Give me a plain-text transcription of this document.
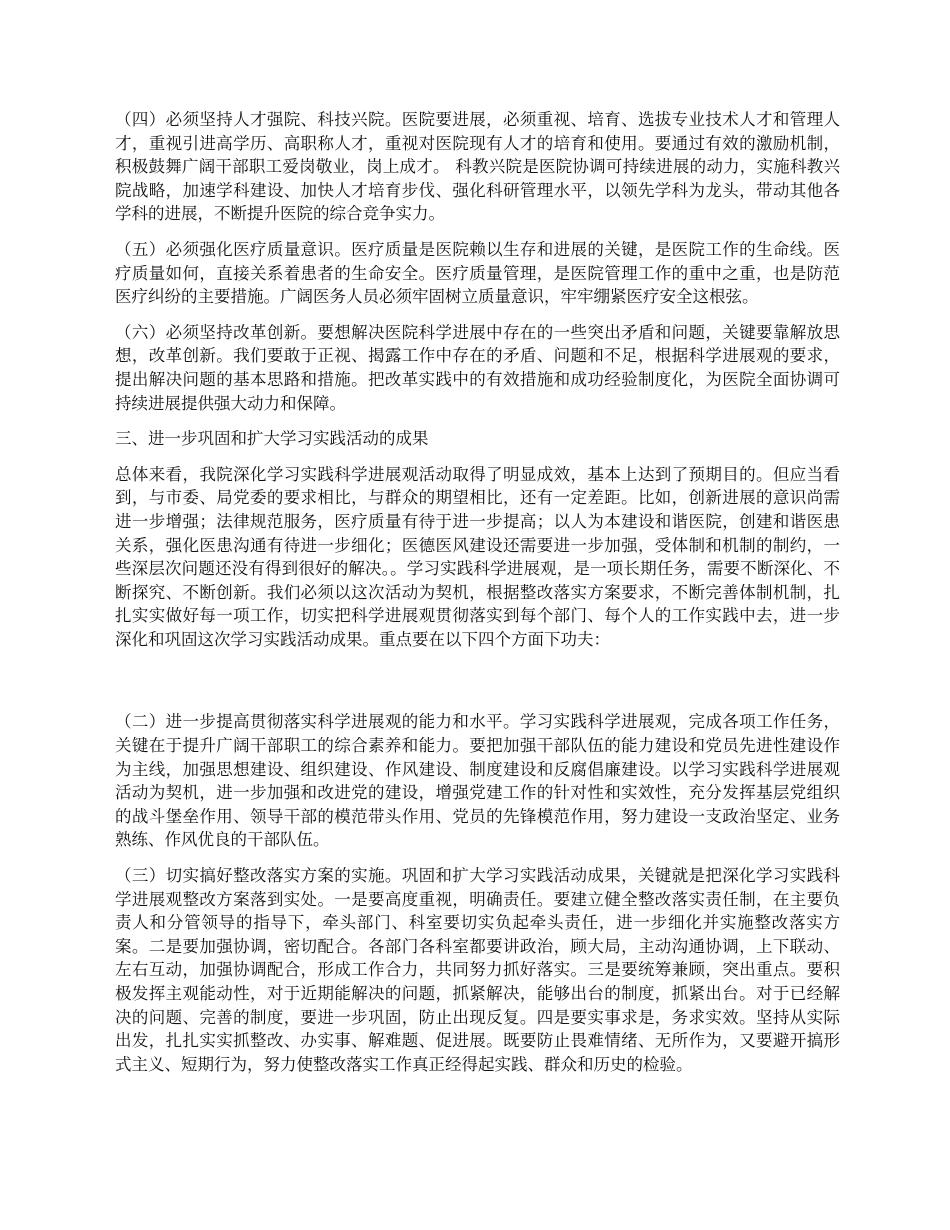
（四）必须坚持人才强院、科技兴院。医院要进展，必须重视、培育、选拔专业技术人才和管理人才，重视引进高学历、高职称人才，重视对医院现有人才的培育和使用。要通过有效的激励机制，积极鼓舞广阔干部职工爱岗敬业，岗上成才。 科教兴院是医院协调可持续进展的动力，实施科教兴院战略，加速学科建设、加快人才培育步伐、强化科研管理水平，以领先学科为龙头，带动其他各学科的进展，不断提升医院的综合竞争实力。

（五）必须强化医疗质量意识。医疗质量是医院赖以生存和进展的关键，是医院工作的生命线。医疗质量如何，直接关系着患者的生命安全。医疗质量管理，是医院管理工作的重中之重，也是防范医疗纠纷的主要措施。广阔医务人员必须牢固树立质量意识，牢牢绷紧医疗安全这根弦。

（六）必须坚持改革创新。要想解决医院科学进展中存在的一些突出矛盾和问题，关键要靠解放思想，改革创新。我们要敢于正视、揭露工作中存在的矛盾、问题和不足，根据科学进展观的要求，提出解决问题的基本思路和措施。把改革实践中的有效措施和成功经验制度化，为医院全面协调可持续进展提供强大动力和保障。

三、进一步巩固和扩大学习实践活动的成果

总体来看，我院深化学习实践科学进展观活动取得了明显成效，基本上达到了预期目的。但应当看到，与市委、局党委的要求相比，与群众的期望相比，还有一定差距。比如，创新进展的意识尚需进一步增强；法律规范服务，医疗质量有待于进一步提高；以人为本建设和谐医院，创建和谐医患关系，强化医患沟通有待进一步细化；医德医风建设还需要进一步加强，受体制和机制的制约，一些深层次问题还没有得到很好的解决。。学习实践科学进展观，是一项长期任务，需要不断深化、不断探究、不断创新。我们必须以这次活动为契机，根据整改落实方案要求，不断完善体制机制，扎扎实实做好每一项工作，切实把科学进展观贯彻落实到每个部门、每个人的工作实践中去，进一步深化和巩固这次学习实践活动成果。重点要在以下四个方面下功夫：

（二）进一步提高贯彻落实科学进展观的能力和水平。学习实践科学进展观，完成各项工作任务，关键在于提升广阔干部职工的综合素养和能力。要把加强干部队伍的能力建设和党员先进性建设作为主线，加强思想建设、组织建设、作风建设、制度建设和反腐倡廉建设。以学习实践科学进展观活动为契机，进一步加强和改进党的建设，增强党建工作的针对性和实效性，充分发挥基层党组织的战斗堡垒作用、领导干部的模范带头作用、党员的先锋模范作用，努力建设一支政治坚定、业务熟练、作风优良的干部队伍。

（三）切实搞好整改落实方案的实施。巩固和扩大学习实践活动成果，关键就是把深化学习实践科学进展观整改方案落到实处。一是要高度重视，明确责任。要建立健全整改落实责任制，在主要负责人和分管领导的指导下，牵头部门、科室要切实负起牵头责任，进一步细化并实施整改落实方案。二是要加强协调，密切配合。各部门各科室都要讲政治，顾大局，主动沟通协调，上下联动、左右互动，加强协调配合，形成工作合力，共同努力抓好落实。三是要统筹兼顾，突出重点。要积极发挥主观能动性，对于近期能解决的问题，抓紧解决，能够出台的制度，抓紧出台。对于已经解决的问题、完善的制度，要进一步巩固，防止出现反复。四是要实事求是，务求实效。坚持从实际出发，扎扎实实抓整改、办实事、解难题、促进展。既要防止畏难情绪、无所作为，又要避开搞形式主义、短期行为，努力使整改落实工作真正经得起实践、群众和历史的检验。
